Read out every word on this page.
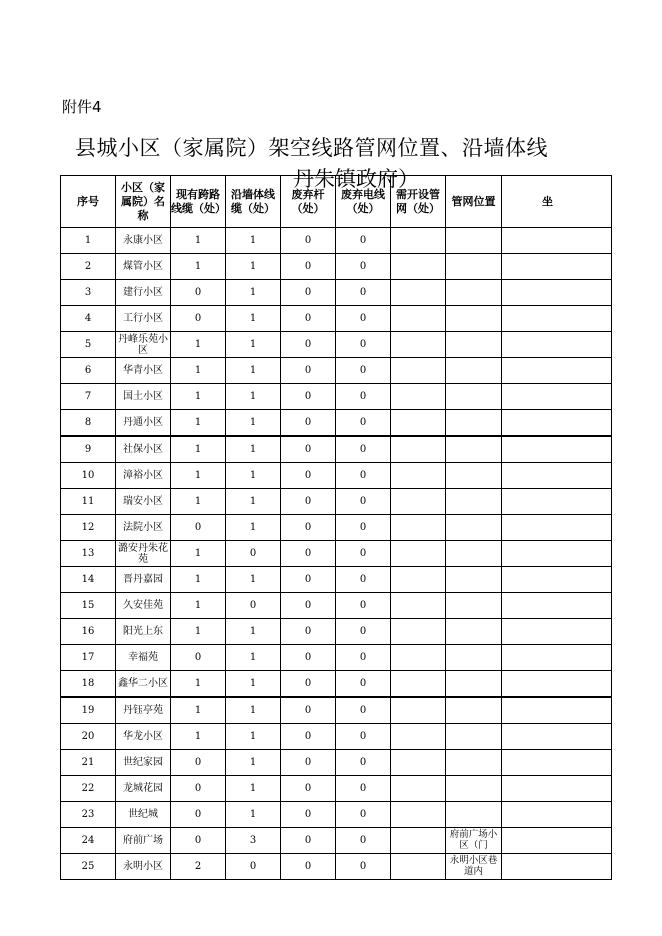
附件4
县城小区（家属院）架空线路管网位置、沿墙体线
丹朱镇政府）
序号	小区（家属院）名称	现有跨路线缆（处）	沿墙体线缆（处）	废弃杆（处）	废弃电线（处）	需开设管网（处）	管网位置	坐
1	永康小区	1	1	0	0			
2	煤管小区	1	1	0	0			
3	建行小区	0	1	0	0			
4	工行小区	0	1	0	0			
5	丹峰乐苑小区	1	1	0	0			
6	华青小区	1	1	0	0			
7	国土小区	1	1	0	0			
8	丹通小区	1	1	0	0			
9	社保小区	1	1	0	0			
10	漳裕小区	1	1	0	0			
11	瑞安小区	1	1	0	0			
12	法院小区	0	1	0	0			
13	潞安丹朱花苑	1	0	0	0			
14	晋丹嘉园	1	1	0	0			
15	久安佳苑	1	0	0	0			
16	阳光上东	1	1	0	0			
17	幸福苑	0	1	0	0			
18	鑫华二小区	1	1	0	0			
19	丹钰亭苑	1	1	0	0			
20	华龙小区	1	1	0	0			
21	世纪家园	0	1	0	0			
22	龙城花园	0	1	0	0			
23	世纪城	0	1	0	0			
24	府前广场	0	3	0	0		府前广场小区（门	
25	永明小区	2	0	0	0		永明小区巷道内	
